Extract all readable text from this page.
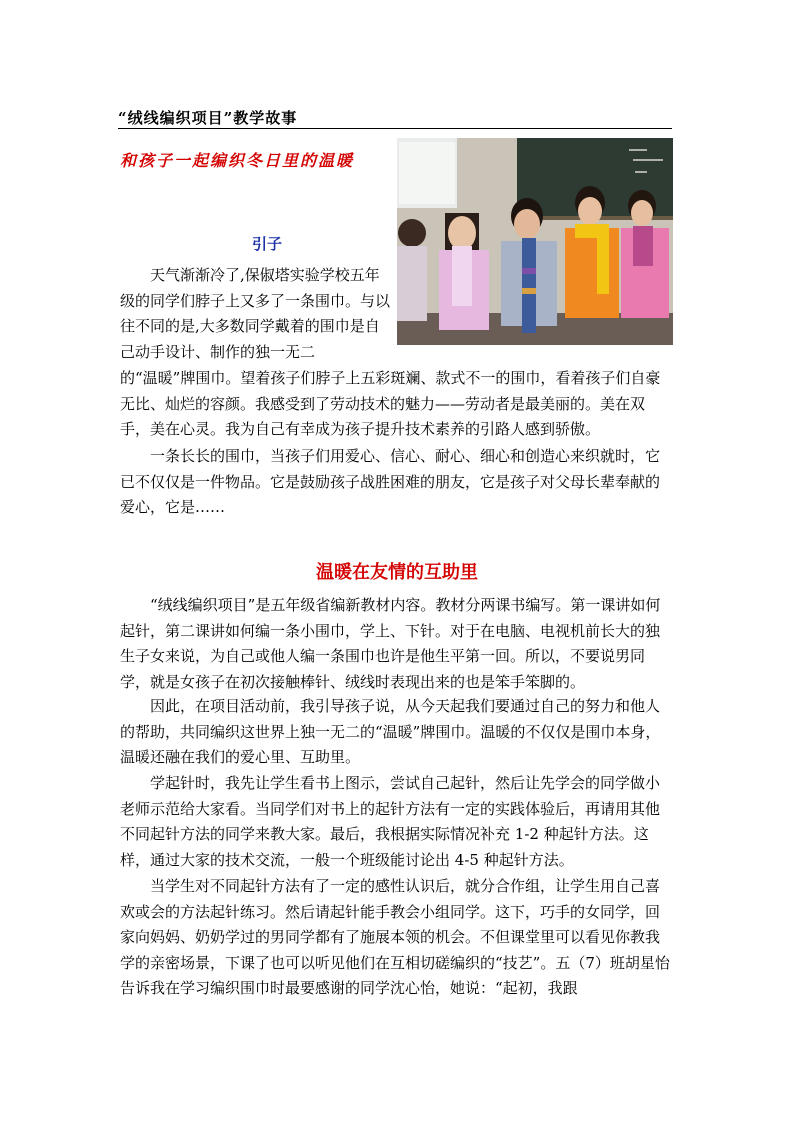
“绒线编织项目”教学故事
和孩子一起编织冬日里的温暖
引子

天气渐渐冷了,保俶塔实验学校五年级的同学们脖子上又多了一条围巾。与以往不同的是,大多数同学戴着的围巾是自己动手设计、制作的独一无二

的“温暖”牌围巾。望着孩子们脖子上五彩斑斓、款式不一的围巾，看着孩子们自豪无比、灿烂的容颜。我感受到了劳动技术的魅力——劳动者是最美丽的。美在双手，美在心灵。我为自己有幸成为孩子提升技术素养的引路人感到骄傲。

一条长长的围巾，当孩子们用爱心、信心、耐心、细心和创造心来织就时，它已不仅仅是一件物品。它是鼓励孩子战胜困难的朋友，它是孩子对父母长辈奉献的爱心，它是……

温暖在友情的互助里

“绒线编织项目”是五年级省编新教材内容。教材分两课书编写。第一课讲如何起针，第二课讲如何编一条小围巾，学上、下针。对于在电脑、电视机前长大的独生子女来说，为自己或他人编一条围巾也许是他生平第一回。所以，不要说男同学，就是女孩子在初次接触棒针、绒线时表现出来的也是笨手笨脚的。

因此，在项目活动前，我引导孩子说，从今天起我们要通过自己的努力和他人的帮助，共同编织这世界上独一无二的“温暖”牌围巾。温暖的不仅仅是围巾本身，温暖还融在我们的爱心里、互助里。

学起针时，我先让学生看书上图示，尝试自己起针，然后让先学会的同学做小老师示范给大家看。当同学们对书上的起针方法有一定的实践体验后，再请用其他不同起针方法的同学来教大家。最后，我根据实际情况补充 1-2 种起针方法。这样，通过大家的技术交流，一般一个班级能讨论出 4-5 种起针方法。

当学生对不同起针方法有了一定的感性认识后，就分合作组，让学生用自己喜欢或会的方法起针练习。然后请起针能手教会小组同学。这下，巧手的女同学，回家向妈妈、奶奶学过的男同学都有了施展本领的机会。不但课堂里可以看见你教我学的亲密场景，下课了也可以听见他们在互相切磋编织的“技艺”。五（7）班胡星怡告诉我在学习编织围巾时最要感谢的同学沈心怡，她说：“起初，我跟
